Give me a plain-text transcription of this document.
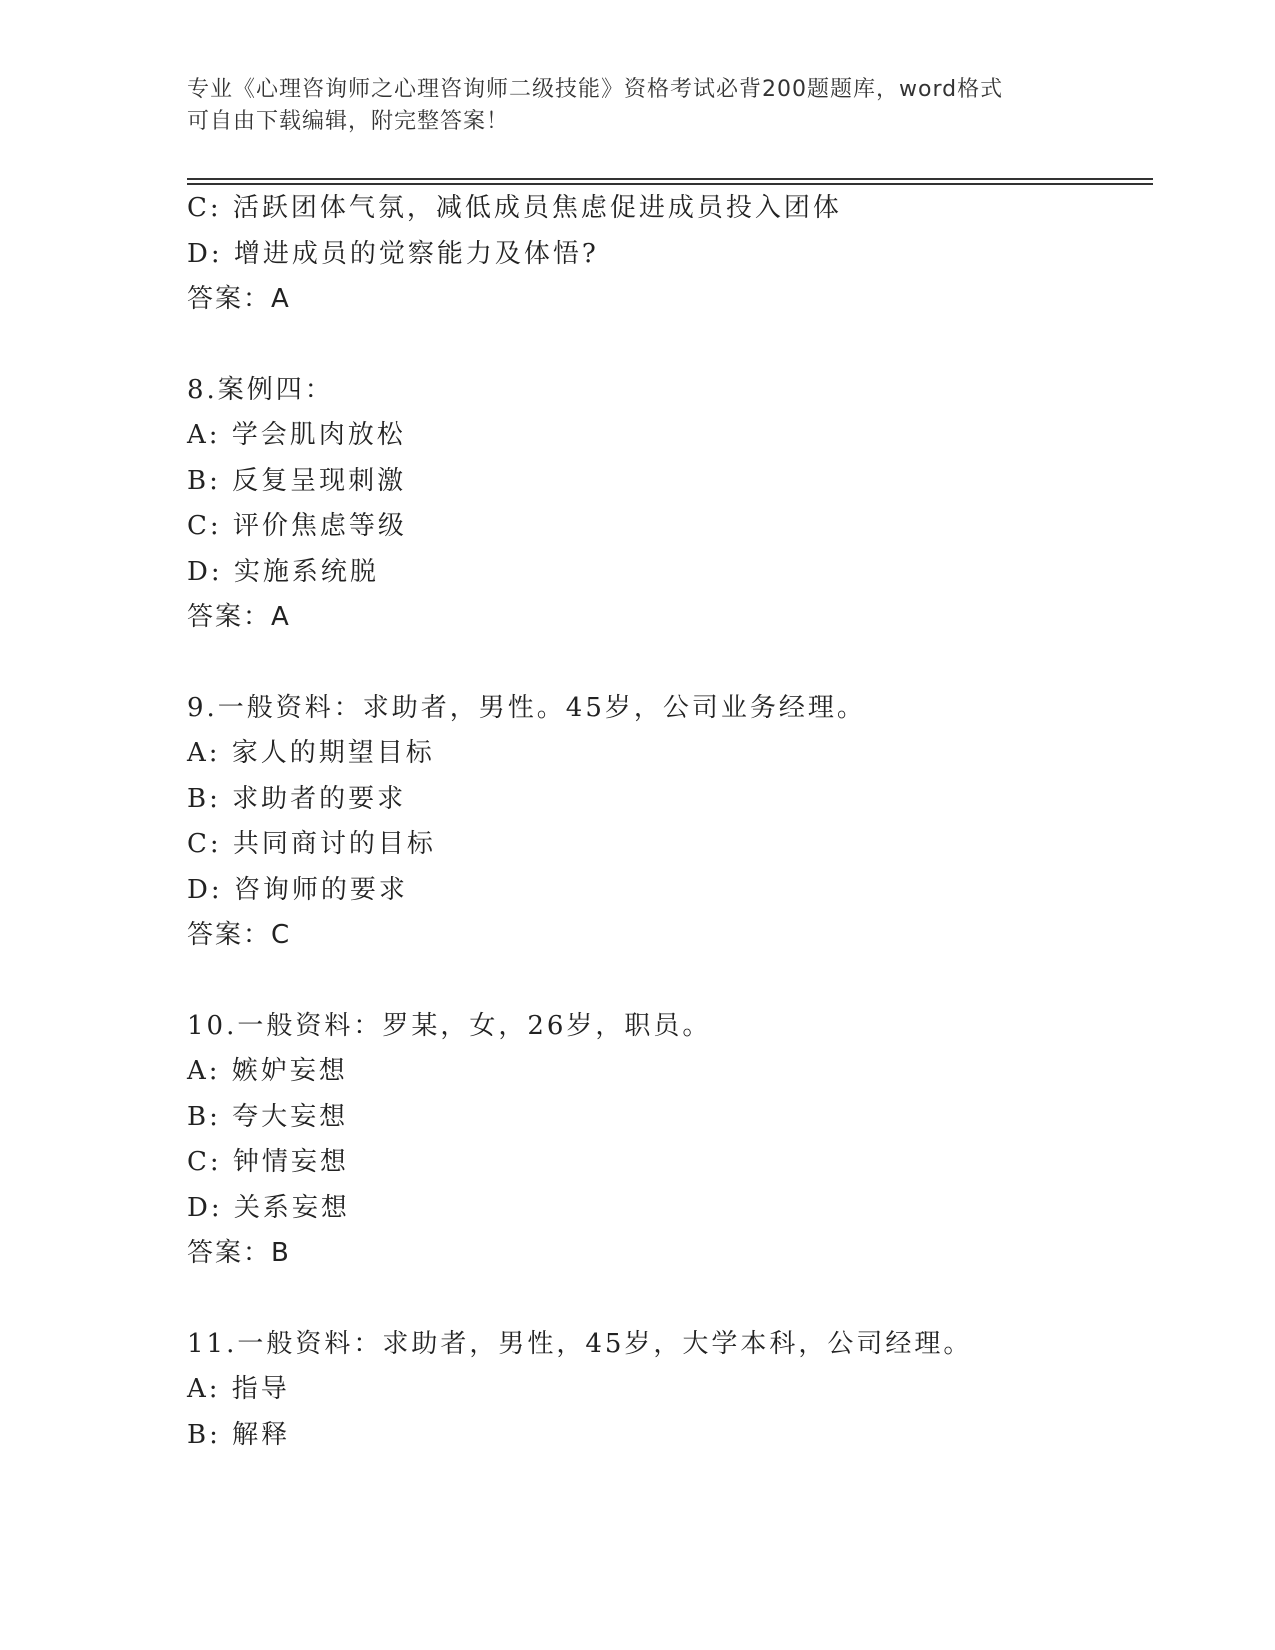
专业《心理咨询师之心理咨询师二级技能》资格考试必背200题题库，word格式
可自由下载编辑，附完整答案！
C: 活跃团体气氛，减低成员焦虑促进成员投入团体
D: 增进成员的觉察能力及体悟?
答案：A
8.案例四：
A: 学会肌肉放松
B: 反复呈现刺激
C: 评价焦虑等级
D: 实施系统脱
答案：A
9.一般资料：求助者，男性。45岁，公司业务经理。
A: 家人的期望目标
B: 求助者的要求
C: 共同商讨的目标
D: 咨询师的要求
答案：C
10.一般资料：罗某，女，26岁，职员。
A: 嫉妒妄想
B: 夸大妄想
C: 钟情妄想
D: 关系妄想
答案：B
11.一般资料：求助者，男性，45岁，大学本科，公司经理。
A: 指导
B: 解释
